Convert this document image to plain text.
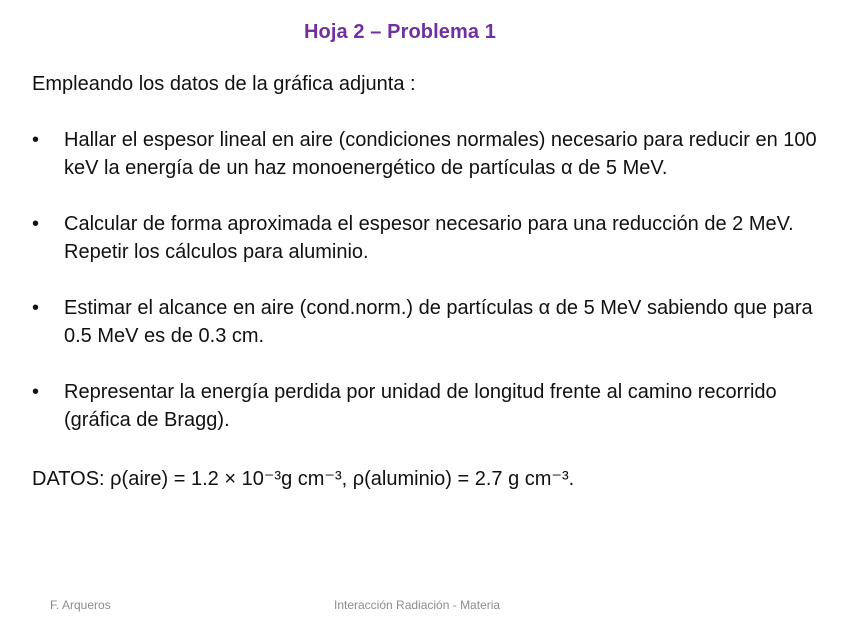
Hoja 2 – Problema 1
Empleando los datos de la gráfica adjunta :
•	Hallar el espesor lineal en aire (condiciones normales) necesario para reducir en 100 keV la energía de un haz monoenergético de partículas α de 5 MeV.
•	Calcular de forma aproximada el espesor necesario para una reducción de 2 MeV. Repetir los cálculos para aluminio.
•	Estimar el alcance en aire (cond.norm.) de partículas α de 5 MeV sabiendo que para 0.5 MeV es de 0.3 cm.
•	Representar la energía perdida por unidad de longitud frente al camino recorrido (gráfica de Bragg).
DATOS: ρ(aire) = 1.2 × 10⁻³g cm⁻³, ρ(aluminio) = 2.7 g cm⁻³.
F. Arqueros	Interacción Radiación - Materia
